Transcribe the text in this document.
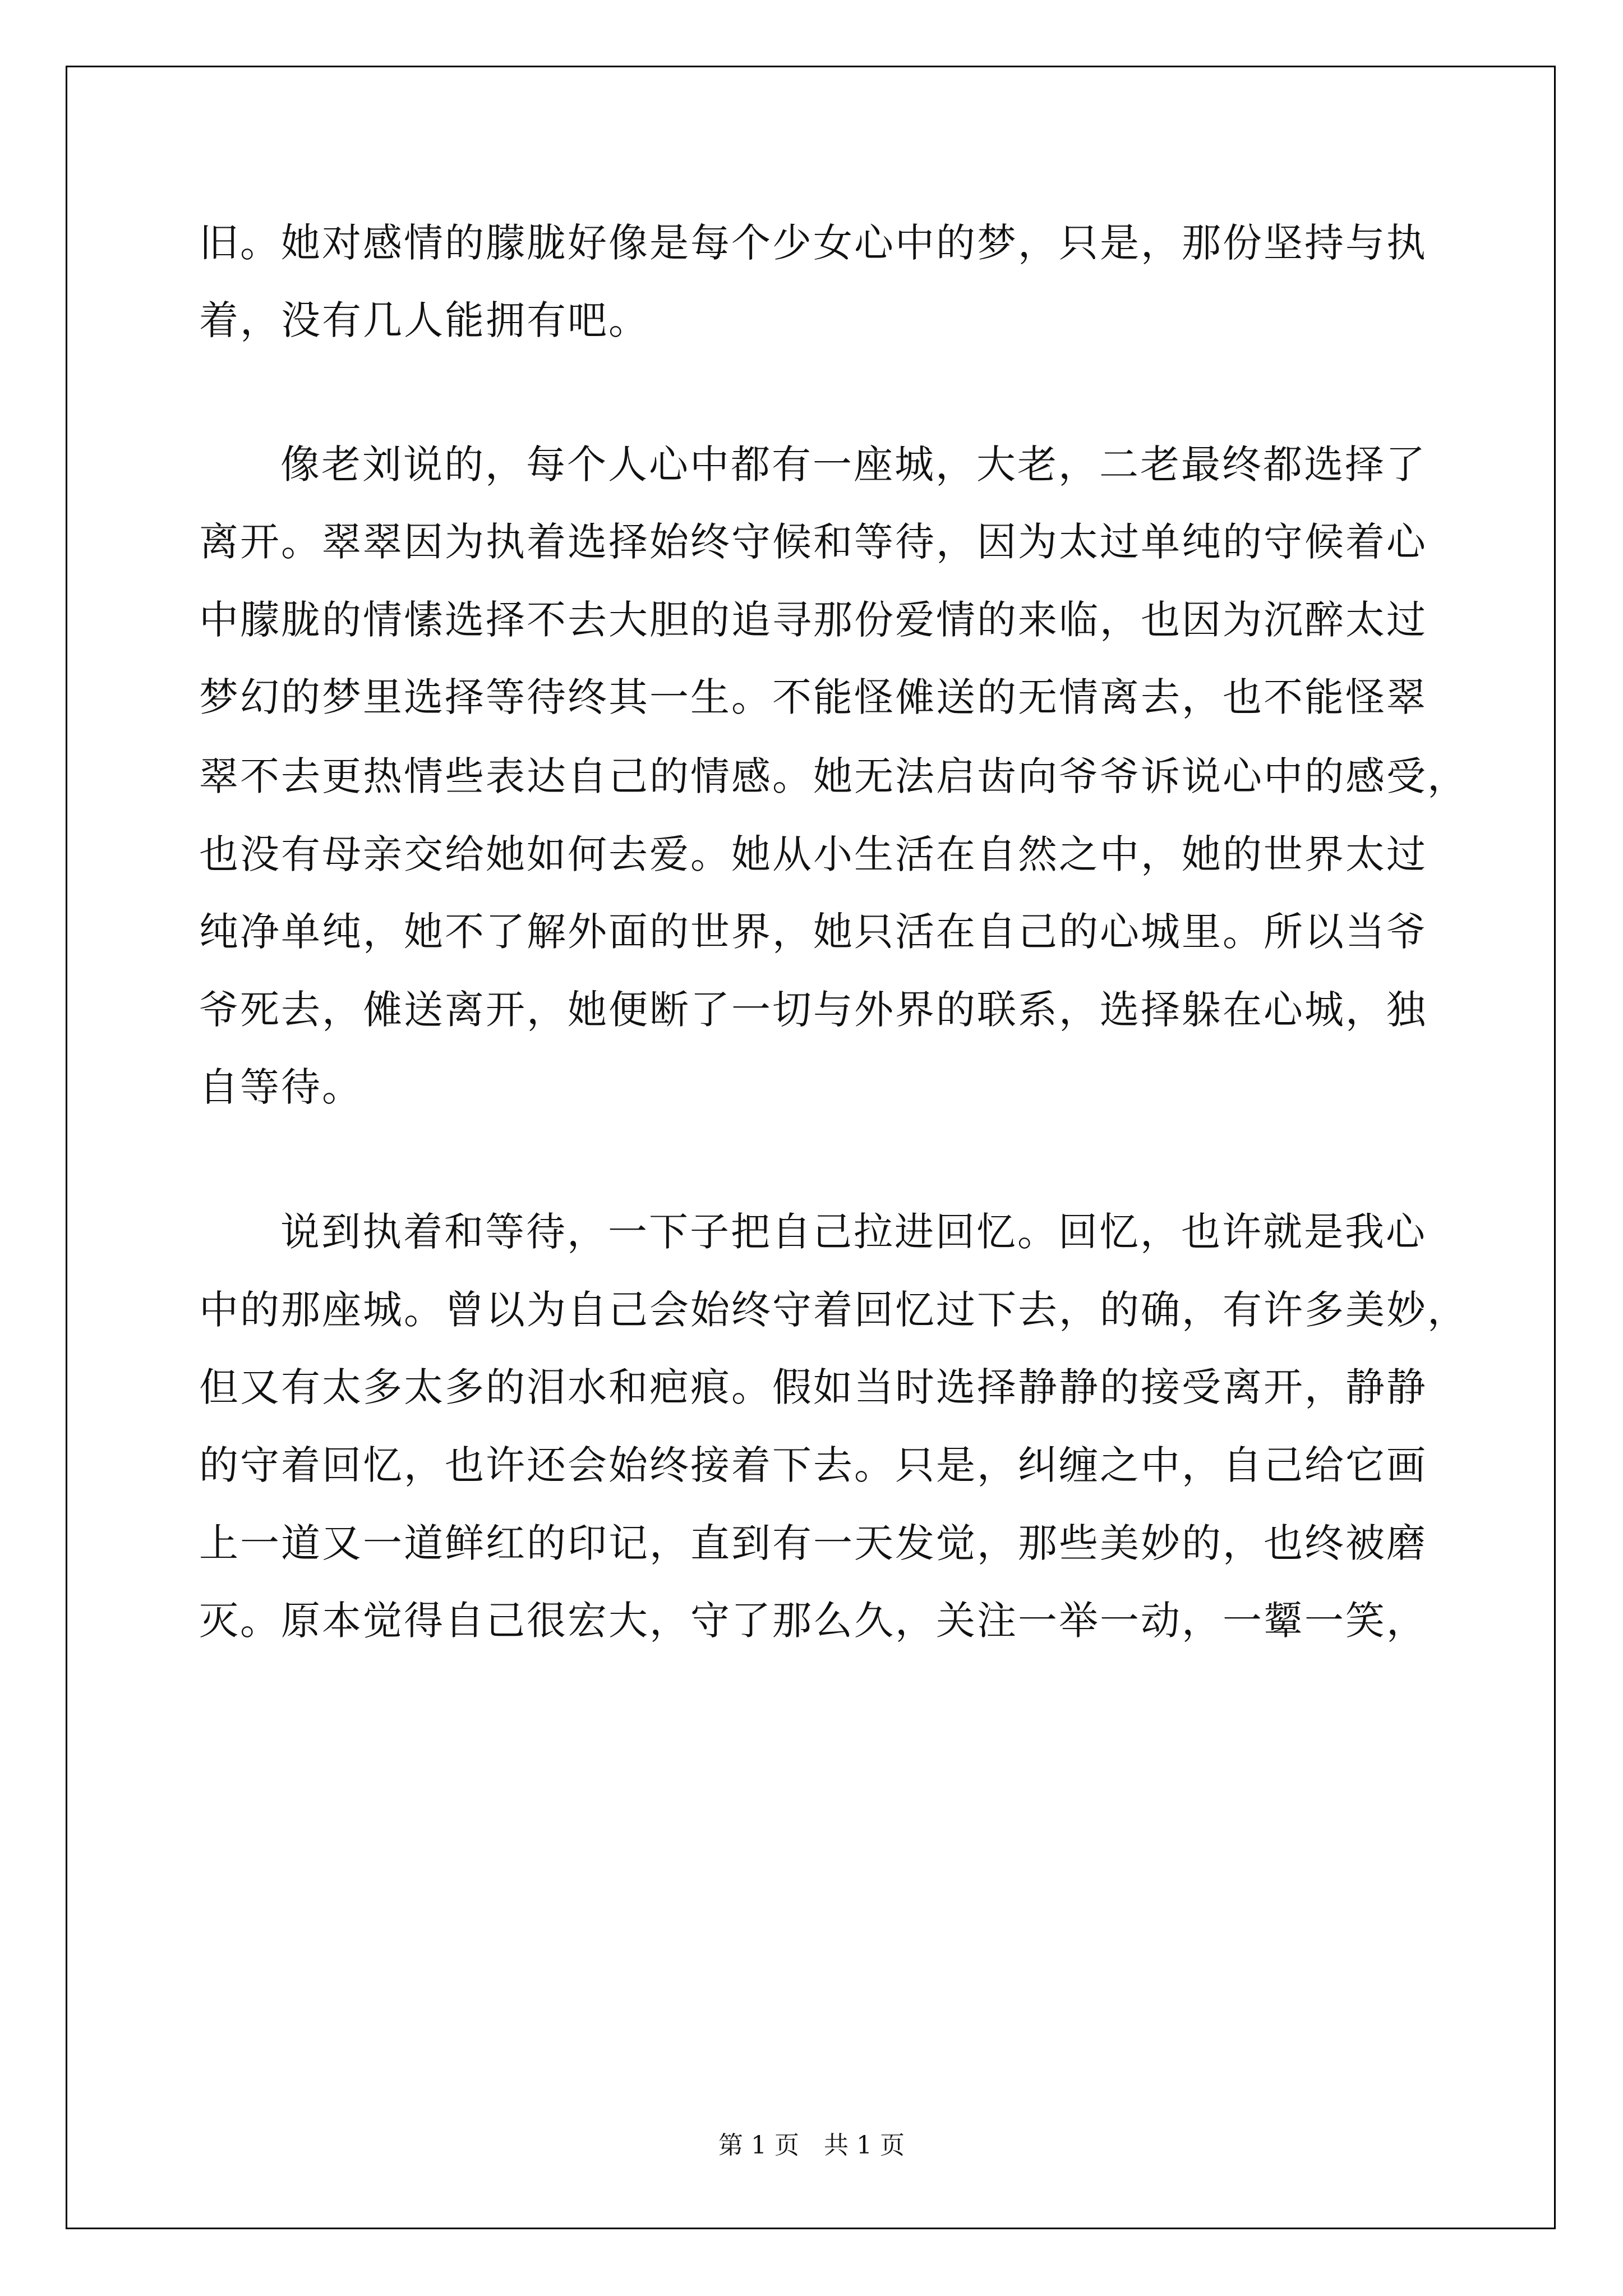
旧。她对感情的朦胧好像是每个少女心中的梦，只是，那份坚持与执
着，没有几人能拥有吧。
像老刘说的，每个人心中都有一座城，大老，二老最终都选择了
离开。翠翠因为执着选择始终守候和等待，因为太过单纯的守候着心
中朦胧的情愫选择不去大胆的追寻那份爱情的来临，也因为沉醉太过
梦幻的梦里选择等待终其一生。不能怪傩送的无情离去，也不能怪翠
翠不去更热情些表达自己的情感。她无法启齿向爷爷诉说心中的感受，
也没有母亲交给她如何去爱。她从小生活在自然之中，她的世界太过
纯净单纯，她不了解外面的世界，她只活在自己的心城里。所以当爷
爷死去，傩送离开，她便断了一切与外界的联系，选择躲在心城，独
自等待。
说到执着和等待，一下子把自己拉进回忆。回忆，也许就是我心
中的那座城。曾以为自己会始终守着回忆过下去，的确，有许多美妙，
但又有太多太多的泪水和疤痕。假如当时选择静静的接受离开，静静
的守着回忆，也许还会始终接着下去。只是，纠缠之中，自己给它画
上一道又一道鲜红的印记，直到有一天发觉，那些美妙的，也终被磨
灭。原本觉得自己很宏大，守了那么久，关注一举一动，一颦一笑，
第 1 页 共 1 页
